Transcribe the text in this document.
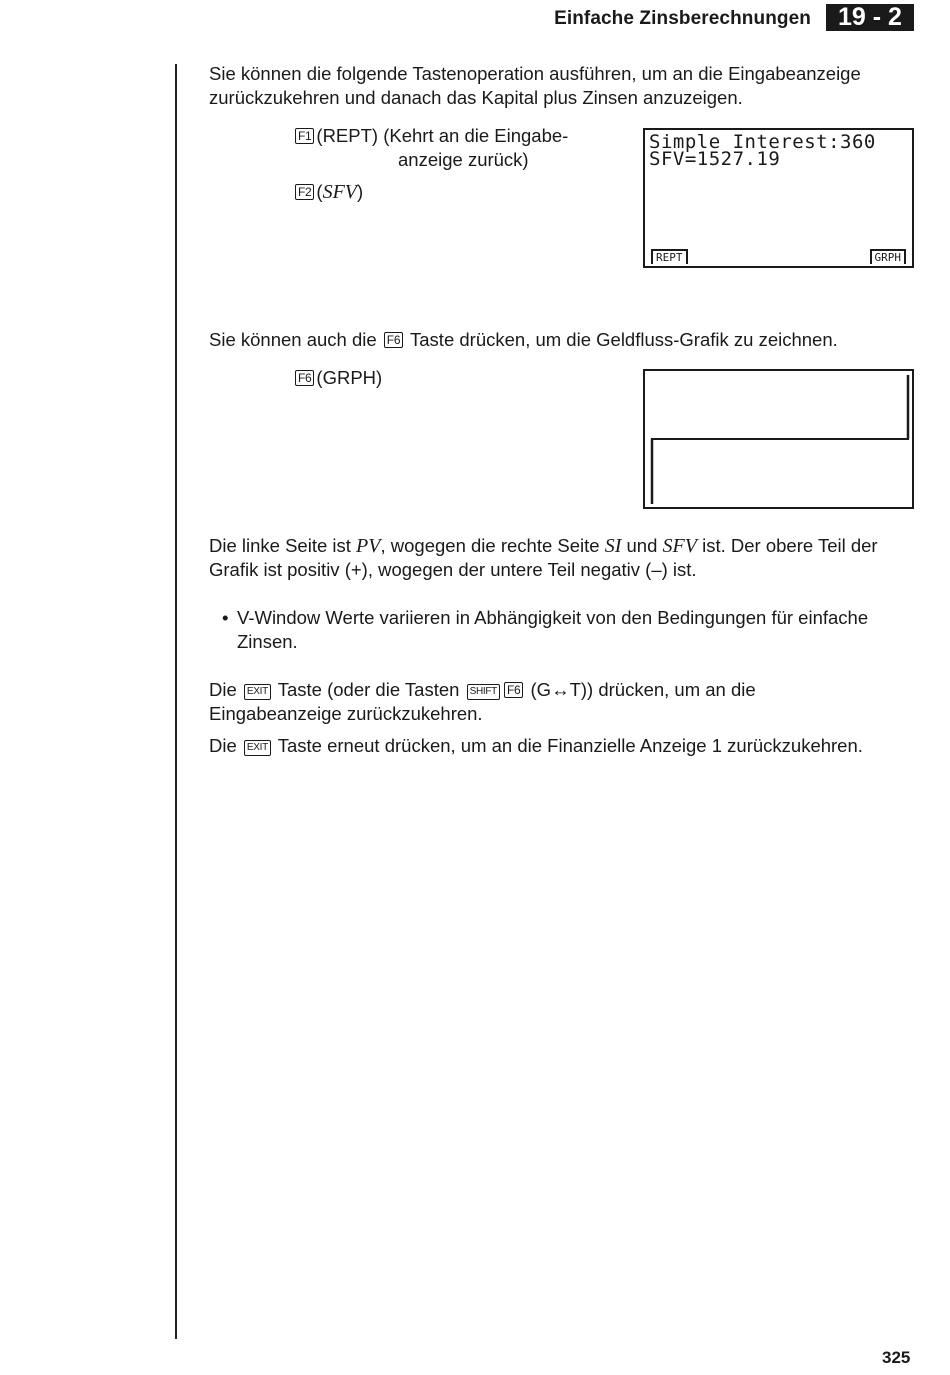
Einfache Zinsberechnungen	19 - 2

Sie können die folgende Tastenoperation ausführen, um an die Eingabeanzeige

zurückzukehren und danach das Kapital plus Zinsen anzuzeigen.

F1 (REPT) (Kehrt an die Eingabe-
anzeige zurück)
F2 (SFV)
Simple Interest:360
SFV=1527.19
REPT	GRPH
Sie können auch die F6 Taste drücken, um die Geldfluss-Grafik zu zeichnen.
F6 (GRPH)

Die linke Seite ist PV, wogegen die rechte Seite SI und SFV ist. Der obere Teil der

Grafik ist positiv (+), wogegen der untere Teil negativ (–) ist.

• V-Window Werte variieren in Abhängigkeit von den Bedingungen für einfache
Zinsen.

Die EXIT Taste (oder die Tasten SHIFT F6 (G↔T)) drücken, um an die

Eingabeanzeige zurückzukehren.

Die EXIT Taste erneut drücken, um an die Finanzielle Anzeige 1 zurückzukehren.
325
